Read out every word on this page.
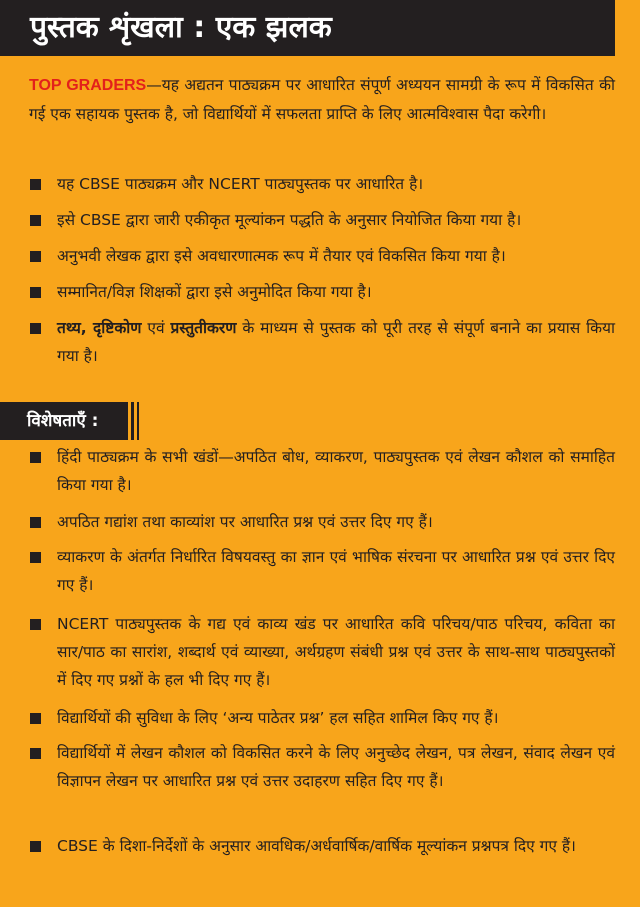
पुस्तक शृंखला : एक झलक
TOP GRADERS—यह अद्यतन पाठ्यक्रम पर आधारित संपूर्ण अध्ययन सामग्री के रूप में विकसित की गई एक सहायक पुस्तक है, जो विद्यार्थियों में सफलता प्राप्ति के लिए आत्मविश्वास पैदा करेगी।
यह CBSE पाठ्यक्रम और NCERT पाठ्यपुस्तक पर आधारित है।
इसे CBSE द्वारा जारी एकीकृत मूल्यांकन पद्धति के अनुसार नियोजित किया गया है।
अनुभवी लेखक द्वारा इसे अवधारणात्मक रूप में तैयार एवं विकसित किया गया है।
सम्मानित/विज्ञ शिक्षकों द्वारा इसे अनुमोदित किया गया है।
तथ्य, दृष्टिकोण एवं प्रस्तुतीकरण के माध्यम से पुस्तक को पूरी तरह से संपूर्ण बनाने का प्रयास किया गया है।
विशेषताएँ :
हिंदी पाठ्यक्रम के सभी खंडों—अपठित बोध, व्याकरण, पाठ्यपुस्तक एवं लेखन कौशल को समाहित किया गया है।
अपठित गद्यांश तथा काव्यांश पर आधारित प्रश्न एवं उत्तर दिए गए हैं।
व्याकरण के अंतर्गत निर्धारित विषयवस्तु का ज्ञान एवं भाषिक संरचना पर आधारित प्रश्न एवं उत्तर दिए गए हैं।
NCERT पाठ्यपुस्तक के गद्य एवं काव्य खंड पर आधारित कवि परिचय/पाठ परिचय, कविता का सार/पाठ का सारांश, शब्दार्थ एवं व्याख्या, अर्थग्रहण संबंधी प्रश्न एवं उत्तर के साथ-साथ पाठ्यपुस्तकों में दिए गए प्रश्नों के हल भी दिए गए हैं।
विद्यार्थियों की सुविधा के लिए ‘अन्य पाठेतर प्रश्न’ हल सहित शामिल किए गए हैं।
विद्यार्थियों में लेखन कौशल को विकसित करने के लिए अनुच्छेद लेखन, पत्र लेखन, संवाद लेखन एवं विज्ञापन लेखन पर आधारित प्रश्न एवं उत्तर उदाहरण सहित दिए गए हैं।
CBSE के दिशा-निर्देशों के अनुसार आवधिक/अर्धवार्षिक/वार्षिक मूल्यांकन प्रश्नपत्र दिए गए हैं।
